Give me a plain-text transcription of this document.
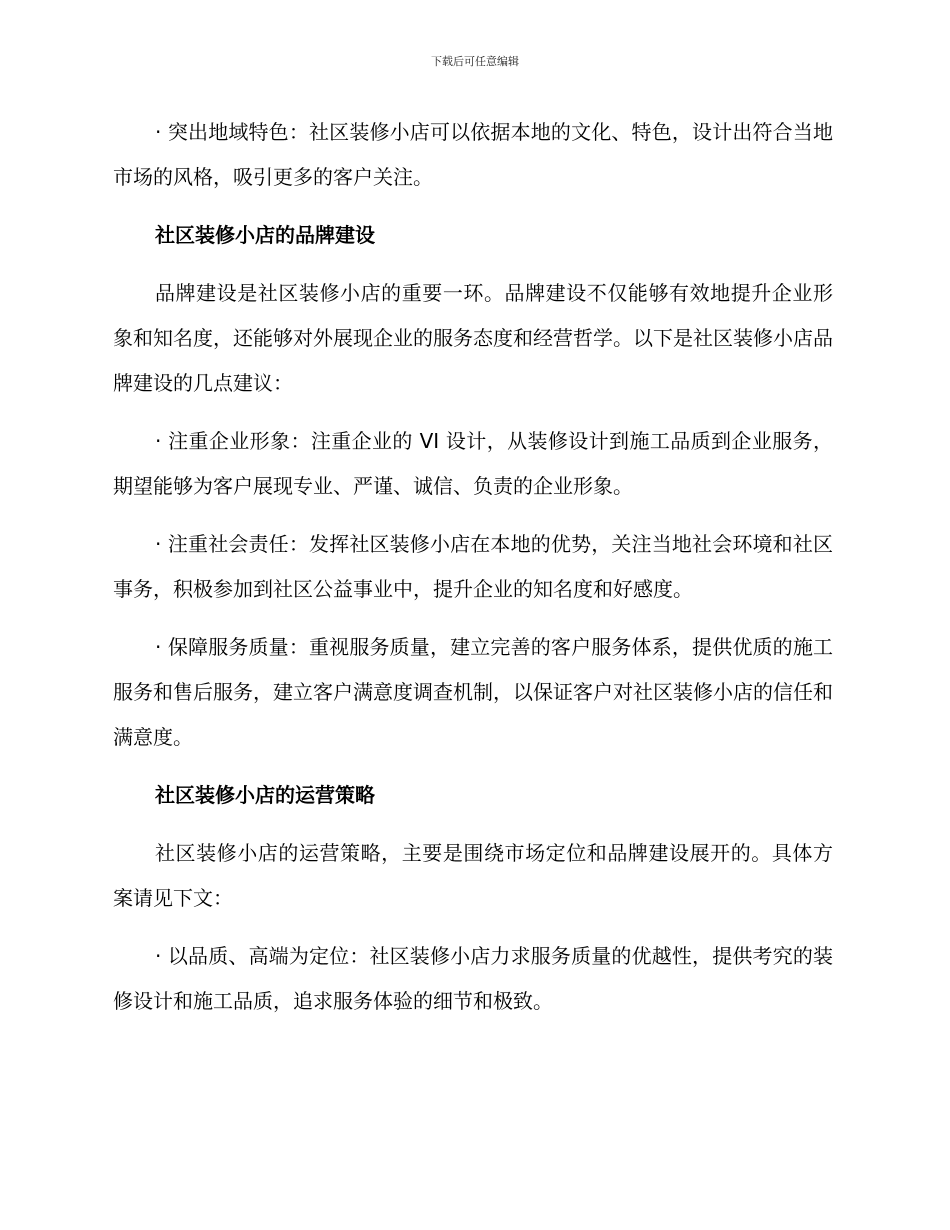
下载后可任意编辑

· 突出地域特色：社区装修小店可以依据本地的文化、特色，设计出符合当地市场的风格，吸引更多的客户关注。

社区装修小店的品牌建设

品牌建设是社区装修小店的重要一环。品牌建设不仅能够有效地提升企业形象和知名度，还能够对外展现企业的服务态度和经营哲学。以下是社区装修小店品牌建设的几点建议：

· 注重企业形象：注重企业的 VI 设计，从装修设计到施工品质到企业服务，期望能够为客户展现专业、严谨、诚信、负责的企业形象。

· 注重社会责任：发挥社区装修小店在本地的优势，关注当地社会环境和社区事务，积极参加到社区公益事业中，提升企业的知名度和好感度。

· 保障服务质量：重视服务质量，建立完善的客户服务体系，提供优质的施工服务和售后服务，建立客户满意度调查机制，以保证客户对社区装修小店的信任和满意度。

社区装修小店的运营策略

社区装修小店的运营策略，主要是围绕市场定位和品牌建设展开的。具体方案请见下文：

· 以品质、高端为定位：社区装修小店力求服务质量的优越性，提供考究的装修设计和施工品质，追求服务体验的细节和极致。
